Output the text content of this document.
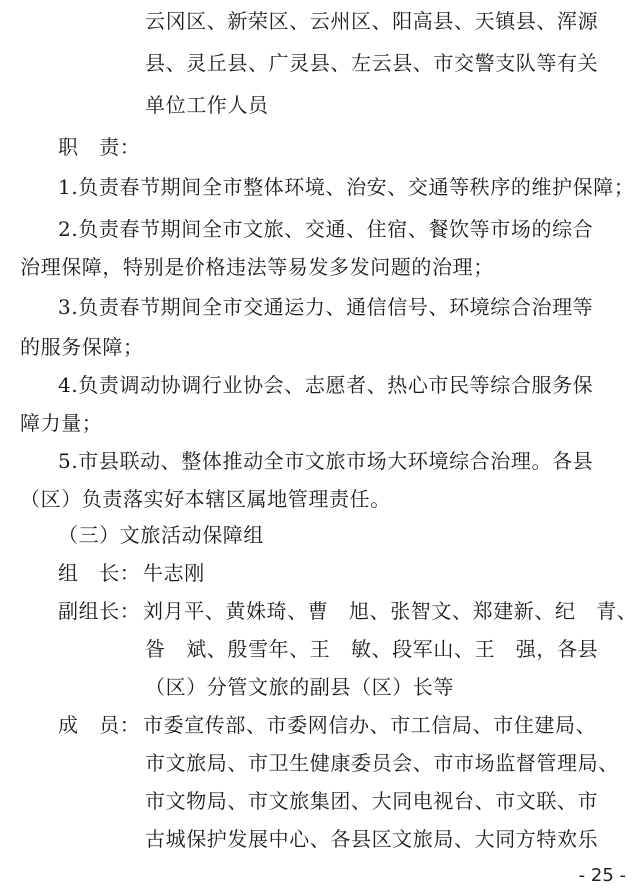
云冈区、新荣区、云州区、阳高县、天镇县、浑源
县、灵丘县、广灵县、左云县、市交警支队等有关
单位工作人员
职　责：
1.负责春节期间全市整体环境、治安、交通等秩序的维护保障；
2.负责春节期间全市文旅、交通、住宿、餐饮等市场的综合
治理保障，特别是价格违法等易发多发问题的治理；
3.负责春节期间全市交通运力、通信信号、环境综合治理等
的服务保障；
4.负责调动协调行业协会、志愿者、热心市民等综合服务保
障力量；
5.市县联动、整体推动全市文旅市场大环境综合治理。各县
（区）负责落实好本辖区属地管理责任。
（三）文旅活动保障组
组　长： 牛志刚
副组长： 刘月平、黄姝琦、曹　旭、张智文、郑建新、纪　青、
昝　斌、殷雪年、王　敏、段军山、王　强，各县
（区）分管文旅的副县（区）长等
成　员： 市委宣传部、市委网信办、市工信局、市住建局、
市文旅局、市卫生健康委员会、市市场监督管理局、
市文物局、市文旅集团、大同电视台、市文联、市
古城保护发展中心、各县区文旅局、大同方特欢乐
- 25 -
